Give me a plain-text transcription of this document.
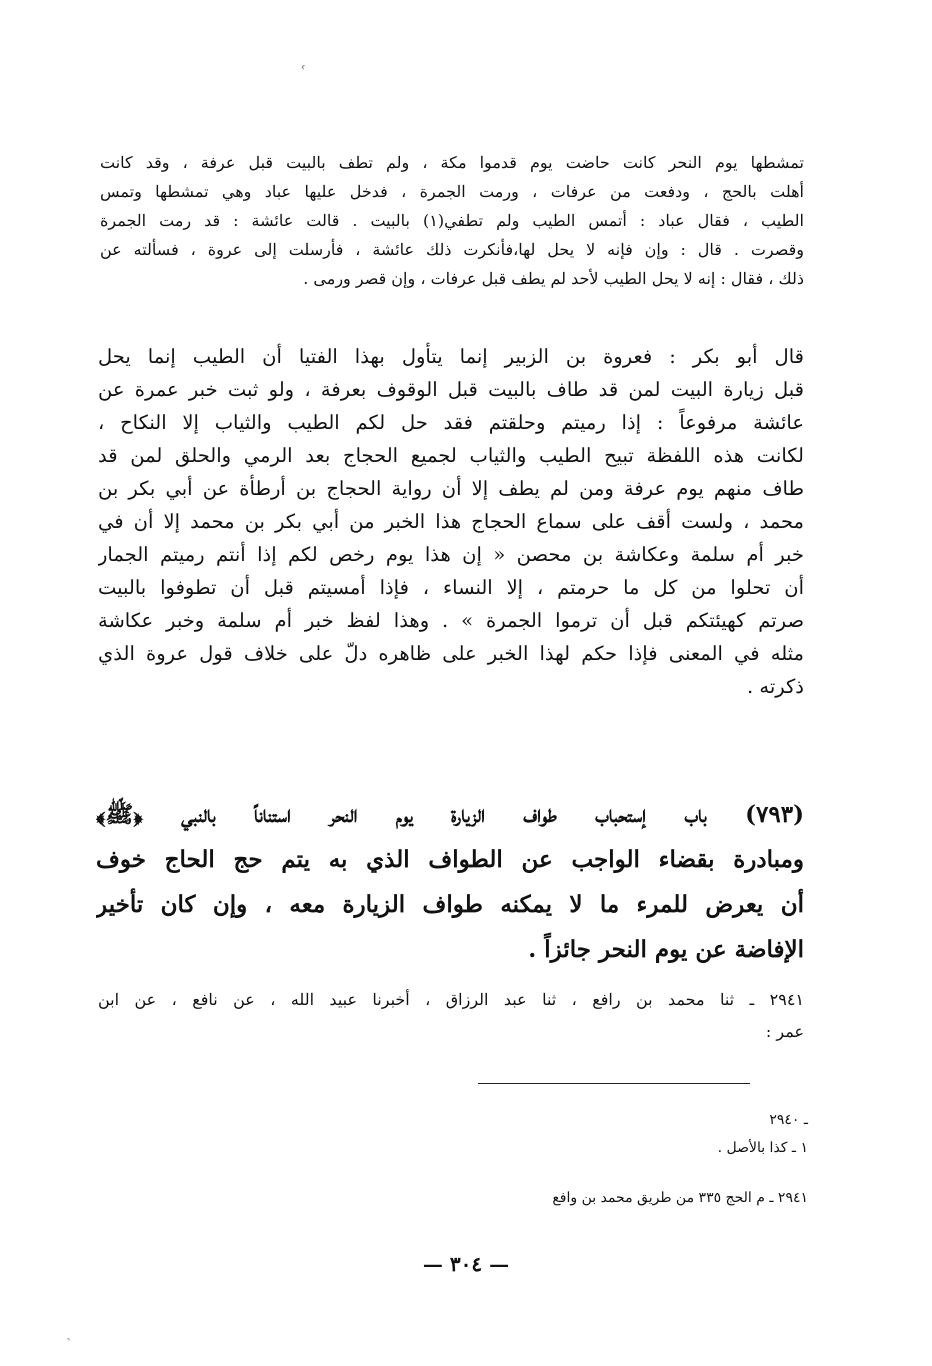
ʿ
ˏ
تمشطها يوم النحر كانت حاضت يوم قدموا مكة ، ولم تطف بالبيت قبل عرفة ، وقد كانت
أهلت بالحج ، ودفعت من عرفات ، ورمت الجمرة ، فدخل عليها عباد وهي تمشطها وتمس
الطيب ، فقال عباد : أتمس الطيب ولم تطفي(١) بالبيت . قالت عائشة : قد رمت الجمرة
وقصرت . قال : وإن فإنه لا يحل لها،فأنكرت ذلك عائشة ، فأرسلت إلى عروة ، فسألته عن
ذلك ، فقال : إنه لا يحل الطيب لأحد لم يطف قبل عرفات ، وإن قصر ورمى .
قال أبو بكر : فعروة بن الزبير إنما يتأول بهذا الفتيا أن الطيب إنما يحل
قبل زيارة البيت لمن قد طاف بالبيت قبل الوقوف بعرفة ، ولو ثبت خبر عمرة عن
عائشة مرفوعاً : إذا رميتم وحلقتم فقد حل لكم الطيب والثياب إلا النكاح ،
لكانت هذه اللفظة تبيح الطيب والثياب لجميع الحجاج بعد الرمي والحلق لمن قد
طاف منهم يوم عرفة ومن لم يطف إلا أن رواية الحجاج بن أرطأة عن أبي بكر بن
محمد ، ولست أقف على سماع الحجاج هذا الخبر من أبي بكر بن محمد إلا أن في
خبر أم سلمة وعكاشة بن محصن « إن هذا يوم رخص لكم إذا أنتم رميتم الجمار
أن تحلوا من كل ما حرمتم ، إلا النساء ، فإذا أمسيتم قبل أن تطوفوا بالبيت
صرتم كهيئتكم قبل أن ترموا الجمرة » . وهذا لفظ خبر أم سلمة وخبر عكاشة
مثله في المعنى فإذا حكم لهذا الخبر على ظاهره دلّ على خلاف قول عروة الذي
ذكرته .
(٧٩٣) باب إستحباب طواف الزيارة يوم النحر استناناً بالنبي ﴿ﷺ﴾
ومبادرة بقضاء الواجب عن الطواف الذي به يتم حج الحاج خوف
أن يعرض للمرء ما لا يمكنه طواف الزيارة معه ، وإن كان تأخير
الإفاضة عن يوم النحر جائزاً .
٢٩٤١ ـ ثنا محمد بن رافع ، ثنا عبد الرزاق ، أخبرنا عبيد الله ، عن نافع ، عن ابن
عمر :
ـ ٢٩٤٠
١ ـ كذا بالأصل .
٢٩٤١ ـ م الحج ٣٣٥ من طريق محمد بن وافع
— ٣٠٤ —
